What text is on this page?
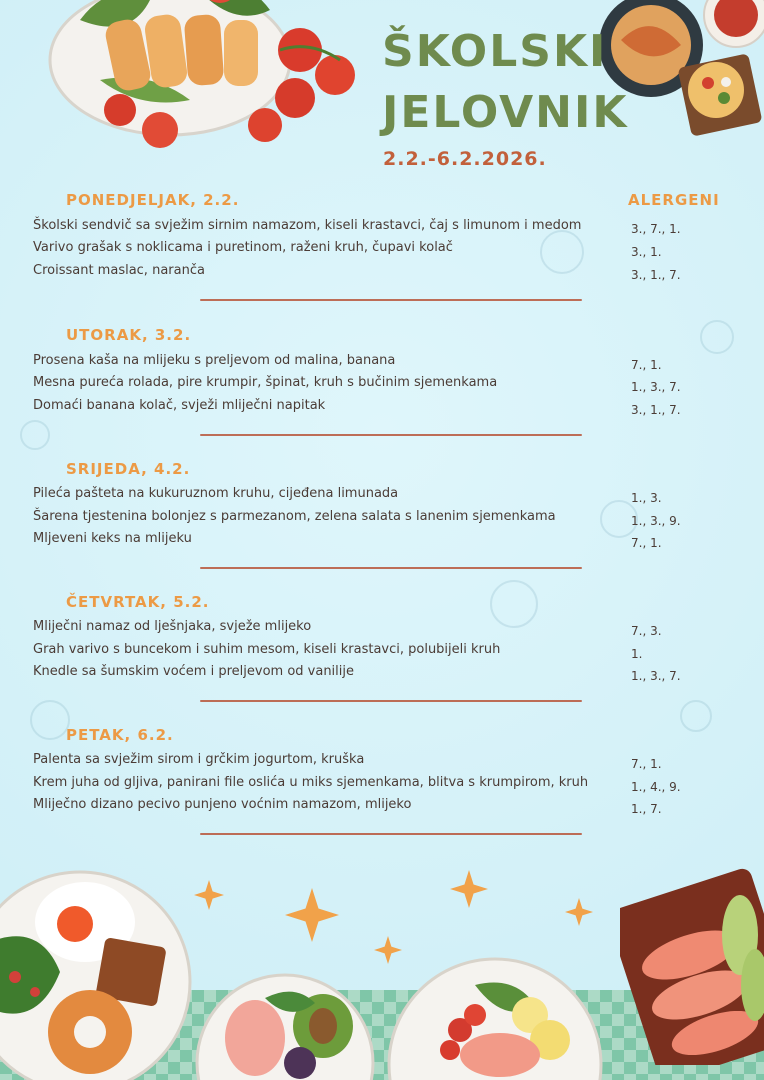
ŠKOLSKI
JELOVNIK
2.2.-6.2.2026.
ALERGENI
PONEDJELJAK, 2.2.
Školski sendvič sa svježim sirnim namazom, kiseli krastavci, čaj s limunom i medom	3., 7., 1.
Varivo grašak s noklicama i puretinom, raženi kruh, čupavi kolač	3., 1.
Croissant maslac, naranča	3., 1., 7.
UTORAK, 3.2.
Prosena kaša na mlijeku s preljevom od malina, banana	7., 1.
Mesna pureća rolada, pire krumpir, špinat, kruh s bučinim sjemenkama	1., 3., 7.
Domaći banana kolač, svježi mliječni napitak	3., 1., 7.
SRIJEDA, 4.2.
Pileća pašteta na kukuruznom kruhu, cijeđena limunada	1., 3.
Šarena tjestenina bolonjez s parmezanom, zelena salata s lanenim sjemenkama	1., 3., 9.
Mljeveni keks na mlijeku	7., 1.
ČETVRTAK, 5.2.
Mliječni namaz od lješnjaka, svježe mlijeko	7., 3.
Grah varivo s buncekom i suhim mesom, kiseli krastavci, polubijeli kruh	1.
Knedle sa šumskim voćem i preljevom od vanilije	1., 3., 7.
PETAK, 6.2.
Palenta sa svježim sirom i grčkim jogurtom, kruška	7., 1.
Krem juha od gljiva, panirani file oslića u miks sjemenkama, blitva s krumpirom, kruh	1., 4., 9.
Mliječno dizano pecivo punjeno voćnim namazom, mlijeko	1., 7.
